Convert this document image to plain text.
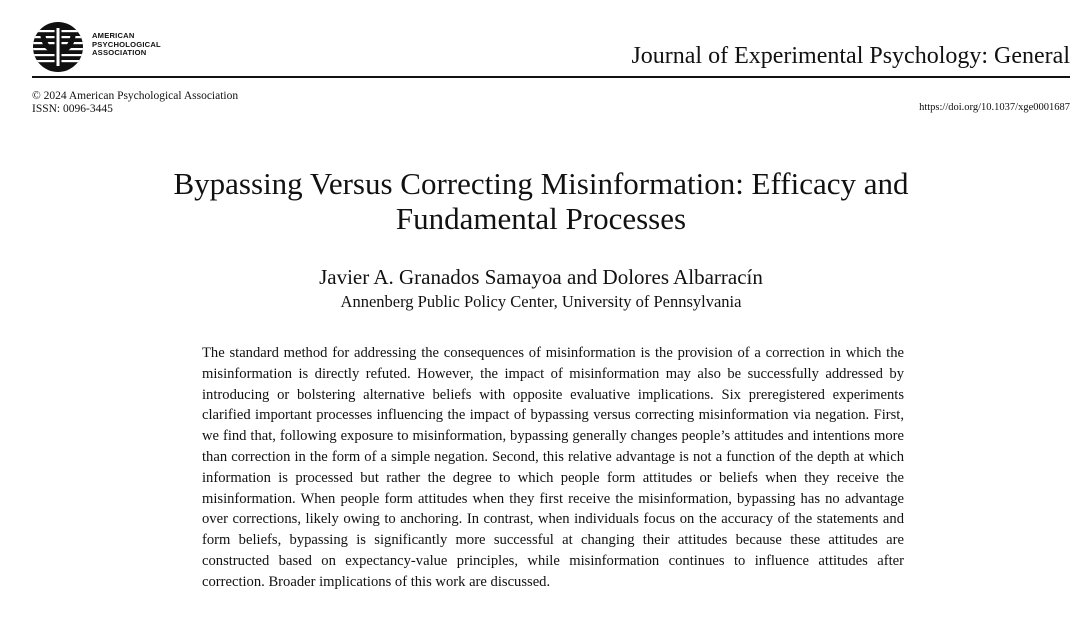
AMERICAN
PSYCHOLOGICAL
ASSOCIATION	Journal of Experimental Psychology: General
© 2024 American Psychological Association
ISSN: 0096-3445	https://doi.org/10.1037/xge0001687
Bypassing Versus Correcting Misinformation: Efficacy and
Fundamental Processes
Javier A. Granados Samayoa and Dolores Albarracín
Annenberg Public Policy Center, University of Pennsylvania

The standard method for addressing the consequences of misinformation is the provision of a correction in which the misinformation is directly refuted. However, the impact of misinformation may also be successfully addressed by introducing or bolstering alternative beliefs with opposite evaluative implications. Six preregistered experiments clarified important processes influencing the impact of bypassing versus correcting misinformation via negation. First, we find that, following exposure to misinformation, bypassing generally changes people’s attitudes and intentions more than correction in the form of a simple negation. Second, this relative advantage is not a function of the depth at which information is processed but rather the degree to which people form attitudes or beliefs when they receive the misinformation. When people form attitudes when they first receive the misinformation, bypassing has no advantage over corrections, likely owing to anchoring. In contrast, when individuals focus on the accuracy of the statements and form beliefs, bypassing is significantly more successful at changing their attitudes because these attitudes are constructed based on expectancy-value principles, while misinformation continues to influence attitudes after correction. Broader implications of this work are discussed.
